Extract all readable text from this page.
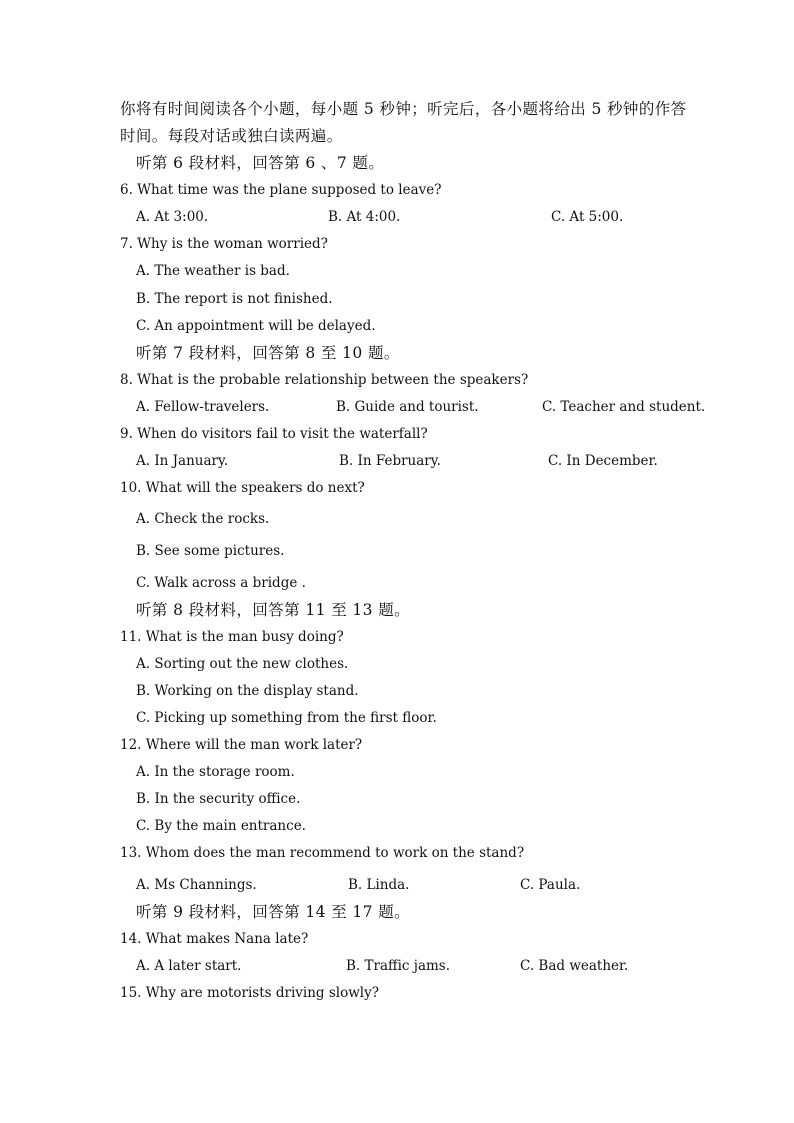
你将有时间阅读各个小题，每小题 5 秒钟；听完后，各小题将给出 5 秒钟的作答
时间。每段对话或独白读两遍。
听第 6 段材料，回答第 6 、7 题。
6. What time was the plane supposed to leave?
A. At 3:00.	B. At 4:00.	C. At 5:00.
7. Why is the woman worried?
A. The weather is bad.
B. The report is not finished.
C. An appointment will be delayed.
听第 7 段材料，回答第 8 至 10 题。
8. What is the probable relationship between the speakers?
A. Fellow-travelers.	B. Guide and tourist.	C. Teacher and student.
9. When do visitors fail to visit the waterfall?
A. In January.	B. In February.	C. In December.
10. What will the speakers do next?
A. Check the rocks.
B. See some pictures.
C. Walk across a bridge .
听第 8 段材料，回答第 11 至 13 题。
11. What is the man busy doing?
A. Sorting out the new clothes.
B. Working on the display stand.
C. Picking up something from the first floor.
12. Where will the man work later?
A. In the storage room.
B. In the security office.
C. By the main entrance.
13. Whom does the man recommend to work on the stand?
A. Ms Channings.	B. Linda.	C. Paula.
听第 9 段材料，回答第 14 至 17 题。
14. What makes Nana late?
A. A later start.	B. Traffic jams.	C. Bad weather.
15. Why are motorists driving slowly?
